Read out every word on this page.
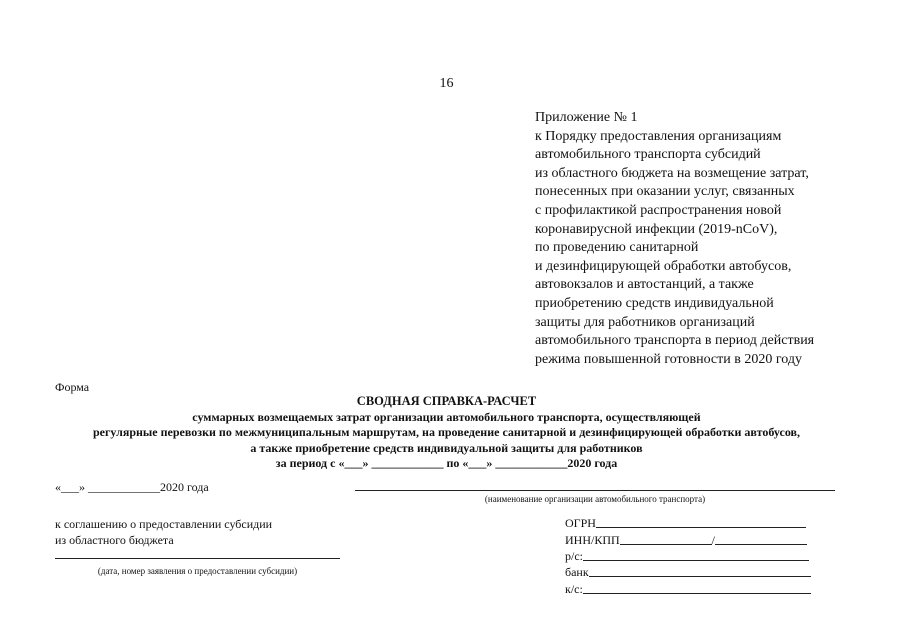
16
Приложение № 1
к Порядку предоставления организациям
автомобильного транспорта субсидий
из областного бюджета на возмещение затрат,
понесенных при оказании услуг, связанных
с профилактикой распространения новой
коронавирусной инфекции (2019-nCoV),
по проведению санитарной
и дезинфицирующей обработки автобусов,
автовокзалов и автостанций, а также
приобретению средств индивидуальной
защиты для работников организаций
автомобильного транспорта в период действия
режима повышенной готовности в 2020 году
Форма
СВОДНАЯ СПРАВКА-РАСЧЕТ
суммарных возмещаемых затрат организации автомобильного транспорта, осуществляющей
регулярные перевозки по межмуниципальным маршрутам, на проведение санитарной и дезинфицирующей обработки автобусов,
а также приобретение средств индивидуальной защиты для работников
за период с «___» ____________ по «___» ____________2020 года
«___» ____________2020 года
(наименование организации автомобильного транспорта)
к соглашению о предоставлении субсидии
из областного бюджета
(дата, номер заявления о предоставлении субсидии)
ОГРН
ИНН/КПП	/
р/с:
банк
к/с:
